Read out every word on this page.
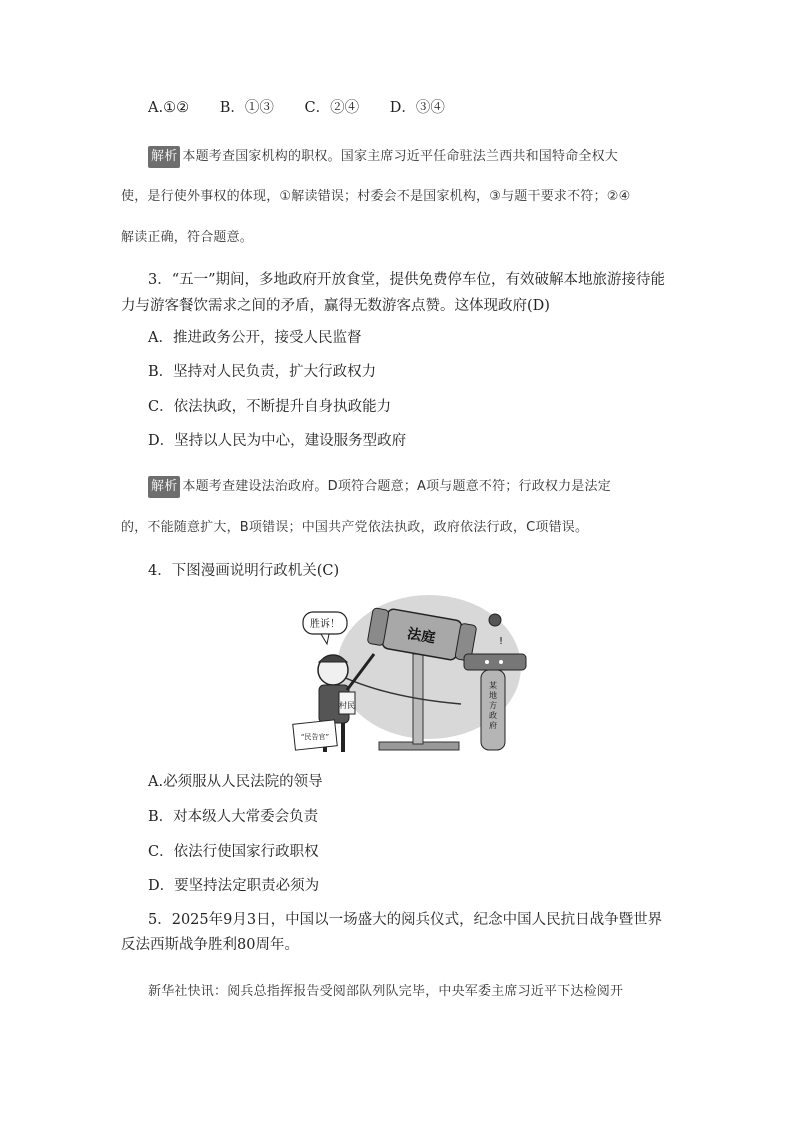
A.①② B．①③ C．②④ D．③④
解析 本题考查国家机构的职权。国家主席习近平任命驻法兰西共和国特命全权大
使，是行使外事权的体现，①解读错误；村委会不是国家机构，③与题干要求不符；②④
解读正确，符合题意。
3．“五一”期间，多地政府开放食堂，提供免费停车位，有效破解本地旅游接待能
力与游客餐饮需求之间的矛盾，赢得无数游客点赞。这体现政府(D)
A．推进政务公开，接受人民监督
B．坚持对人民负责，扩大行政权力
C．依法执政，不断提升自身执政能力
D．坚持以人民为中心，建设服务型政府
解析 本题考查建设法治政府。D项符合题意；A项与题意不符；行政权力是法定
的，不能随意扩大，B项错误；中国共产党依法执政，政府依法行政，C项错误。
4．下图漫画说明行政机关(C)
法庭
某
地
方
政
府
!
村民
胜诉！
“民告官”
A.必须服从人民法院的领导
B．对本级人大常委会负责
C．依法行使国家行政职权
D．要坚持法定职责必须为
5．2025年9月3日，中国以一场盛大的阅兵仪式，纪念中国人民抗日战争暨世界
反法西斯战争胜利80周年。
新华社快讯：阅兵总指挥报告受阅部队列队完毕，中央军委主席习近平下达检阅开
